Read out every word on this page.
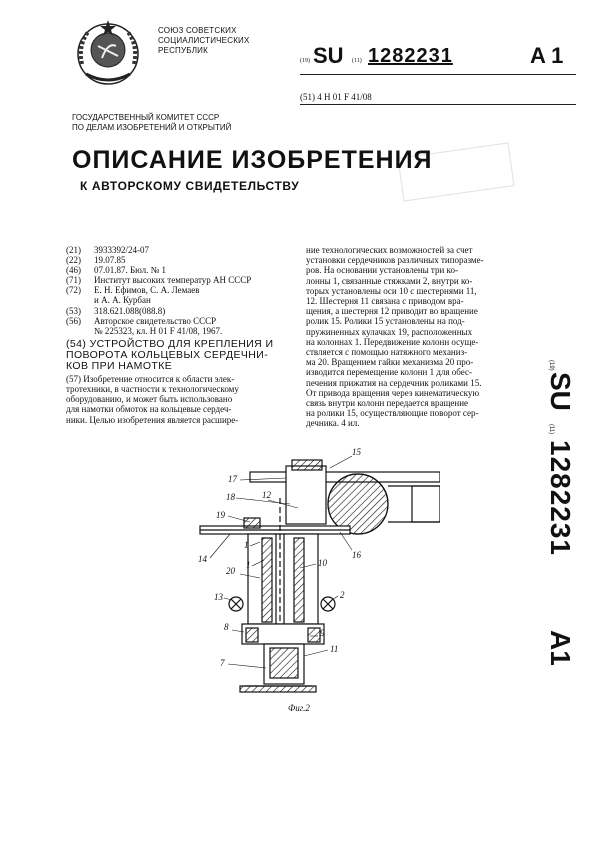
СОЮЗ СОВЕТСКИХ
СОЦИАЛИСТИЧЕСКИХ
РЕСПУБЛИК
(19) SU (11) 1282231	A 1
(51) 4 H 01 F 41/08
ГОСУДАРСТВЕННЫЙ КОМИТЕТ СССР
ПО ДЕЛАМ ИЗОБРЕТЕНИЙ И ОТКРЫТИЙ
ОПИСАНИЕ ИЗОБРЕТЕНИЯ
К АВТОРСКОМУ СВИДЕТЕЛЬСТВУ
(21) 3933392/24-07
(22) 19.07.85
(46) 07.01.87. Бюл. № 1
(71) Институт высоких температур АН СССР
(72) Е. Н. Ефимов, С. А. Лемаев
и А. А. Курбан
(53) 318.621.088(088.8)
(56) Авторское свидетельство СССР
№ 225323, кл. Н 01 F 41/08, 1967.
(54) УСТРОЙСТВО ДЛЯ КРЕПЛЕНИЯ И
ПОВОРОТА КОЛЬЦЕВЫХ СЕРДЕЧНИ-
КОВ ПРИ НАМОТКЕ
(57) Изобретение относится к области элек-
тротехники, в частности к технологическому
оборудованию, и может быть использовано
для намотки обмоток на кольцевые сердеч-
ники. Целью изобретения является расшире-
ние технологических возможностей за счет
установки сердечников различных типоразме-
ров. На основании установлены три ко-
лонны 1, связанные стяжками 2, внутри ко-
торых установлены оси 10 с шестернями 11,
12. Шестерня 11 связана с приводом вра-
щения, а шестерня 12 приводит во вращение
ролик 15. Ролики 15 установлены на под-
пружиненных кулачках 19, расположенных
на колоннах 1. Передвижение колонн осуще-
ствляется с помощью натяжного механиз-
ма 20. Вращением гайки механизма 20 про-
изводится перемещение колонн 1 для обес-
печения прижатия на сердечник роликами 15.
От привода вращения через кинематическую
связь внутри колонн передается вращение
на ролики 15, осуществляющие поворот сер-
дечника. 4 ил.
(19)
SU
(11)
1282231
A1
17
15
18	12
19
1
16
14
1	10
20
13	2
8
11
9
7
Фиг.2
